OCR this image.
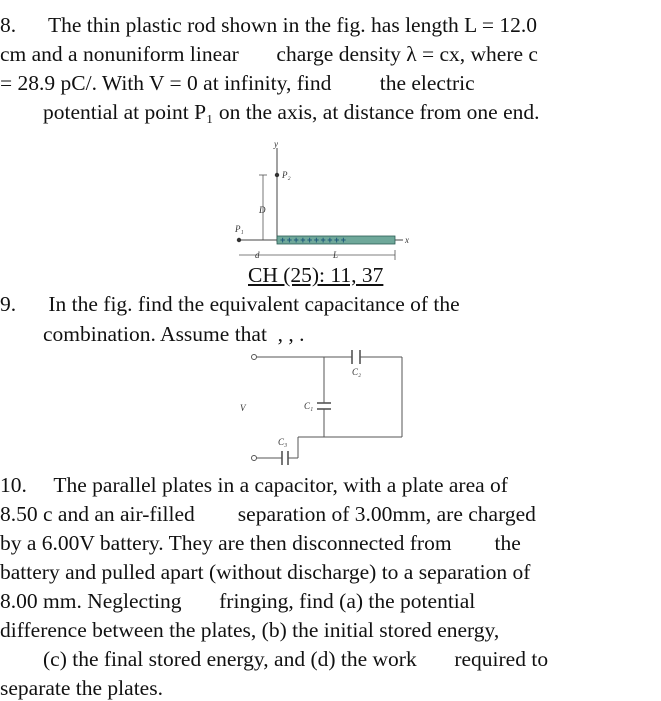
8.      The thin plastic rod shown in the fig. has length L = 12.0
cm and a nonuniform linear       charge density λ = cx, where c
= 28.9 pC/. With V = 0 at infinity, find         the electric
potential at point P₁ on the axis, at distance from one end.
y
P₂
D
x
P₁
++++++++++
d	L
CH (25): 11, 37
9.      In the fig. find the equivalent capacitance of the
combination. Assume that  , , .
V
C₂
C₁
C₃
10.     The parallel plates in a capacitor, with a plate area of
8.50 c and an air-filled        separation of 3.00mm, are charged
by a 6.00V battery. They are then disconnected from        the
battery and pulled apart (without discharge) to a separation of
8.00 mm. Neglecting       fringing, find (a) the potential
difference between the plates, (b) the initial stored energy,
(c) the final stored energy, and (d) the work       required to
separate the plates.
